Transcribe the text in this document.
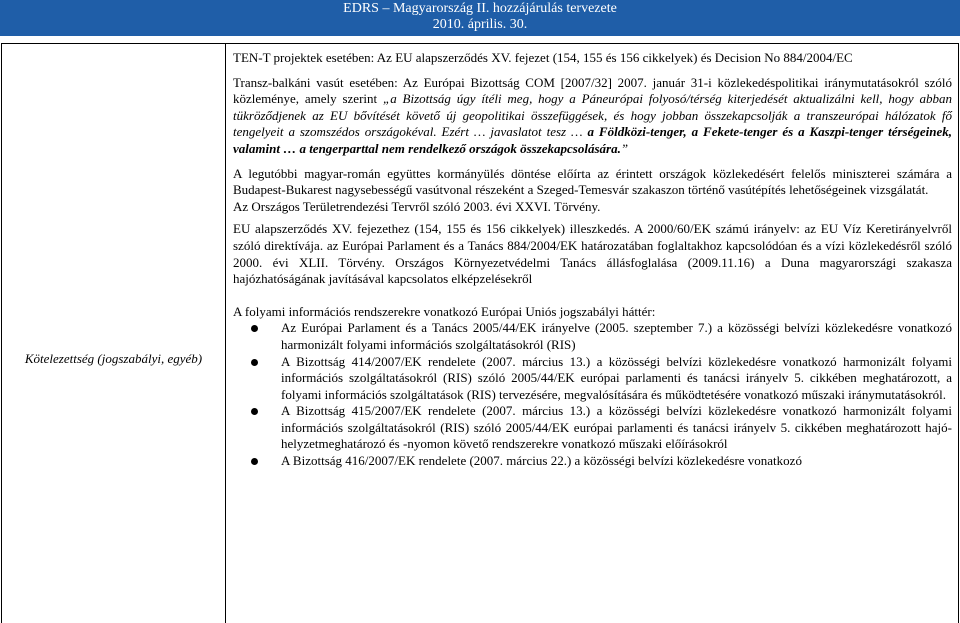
EDRS – Magyarország II. hozzájárulás tervezete
2010. április. 30.
Kötelezettség (jogszabályi, egyéb)

TEN-T projektek esetében: Az EU alapszerződés XV. fejezet (154, 155 és 156 cikkelyek) és Decision No 884/2004/EC

Transz-balkáni vasút esetében: Az Európai Bizottság COM [2007/32] 2007. január 31-i közlekedéspolitikai iránymutatásokról szóló közleménye, amely szerint „a Bizottság úgy ítéli meg, hogy a Páneurópai folyosó/térség kiterjedését aktualizálni kell, hogy abban tükröződjenek az EU bővítését követő új geopolitikai összefüggések, és hogy jobban összekapcsolják a transzeurópai hálózatok fő tengelyeit a szomszédos országokéval. Ezért … javaslatot tesz … a Földközi-tenger, a Fekete-tenger és a Kaszpi-tenger térségeinek, valamint … a tengerparttal nem rendelkező országok összekapcsolására.”

A legutóbbi magyar-román együttes kormányülés döntése előírta az érintett országok közlekedésért felelős miniszterei számára a Budapest-Bukarest nagysebességű vasútvonal részeként a Szeged-Temesvár szakaszon történő vasútépítés lehetőségeinek vizsgálatát.

Az Országos Területrendezési Tervről szóló 2003. évi XXVI. Törvény.

EU alapszerződés XV. fejezethez (154, 155 és 156 cikkelyek) illeszkedés. A 2000/60/EK számú irányelv: az EU Víz Keretirányelvről szóló direktívája. az Európai Parlament és a Tanács 884/2004/EK határozatában foglaltakhoz kapcsolódóan és a vízi közlekedésről szóló 2000. évi XLII. Törvény. Országos Környezetvédelmi Tanács állásfoglalása (2009.11.16) a Duna magyarországi szakasza hajózhatóságának javításával kapcsolatos elképzelésekről

A folyami információs rendszerekre vonatkozó Európai Uniós jogszabályi háttér:

Az Európai Parlament és a Tanács 2005/44/EK irányelve (2005. szeptember 7.) a közösségi belvízi közlekedésre vonatkozó harmonizált folyami információs szolgáltatásokról (RIS)
A Bizottság 414/2007/EK rendelete (2007. március 13.) a közösségi belvízi közlekedésre vonatkozó harmonizált folyami információs szolgáltatásokról (RIS) szóló 2005/44/EK európai parlamenti és tanácsi irányelv 5. cikkében meghatározott, a folyami információs szolgáltatások (RIS) tervezésére, megvalósítására és működtetésére vonatkozó műszaki iránymutatásokról.
A Bizottság 415/2007/EK rendelete (2007. március 13.) a közösségi belvízi közlekedésre vonatkozó harmonizált folyami információs szolgáltatásokról (RIS) szóló 2005/44/EK európai parlamenti és tanácsi irányelv 5. cikkében meghatározott hajó-helyzetmeghatározó és -nyomon követő rendszerekre vonatkozó műszaki előírásokról
A Bizottság 416/2007/EK rendelete (2007. március 22.) a közösségi belvízi közlekedésre vonatkozó
